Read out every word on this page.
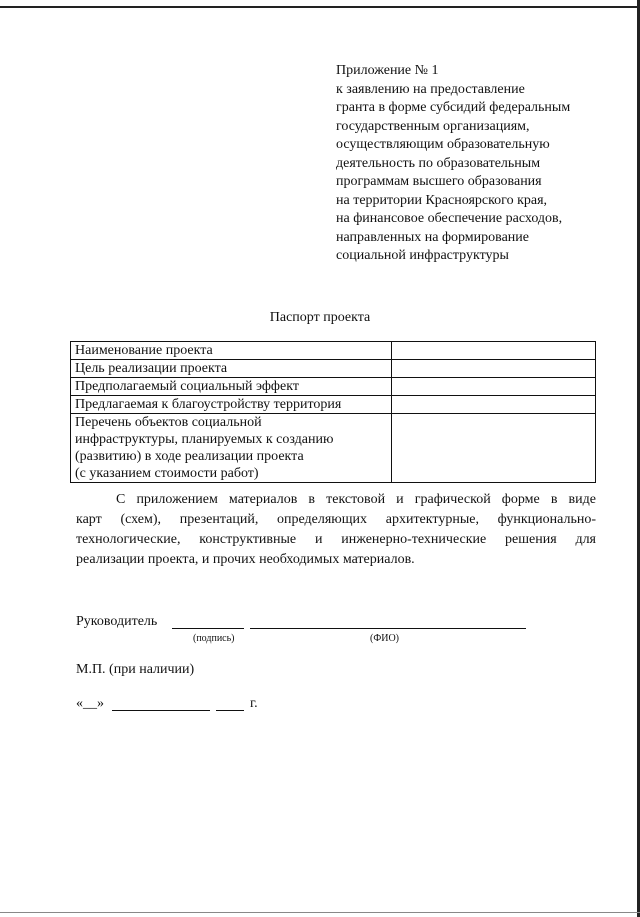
Приложение № 1
к заявлению на предоставление
гранта в форме субсидий федеральным
государственным организациям,
осуществляющим образовательную
деятельность по образовательным
программам высшего образования
на территории Красноярского края,
на финансовое обеспечение расходов,
направленных на формирование
социальной инфраструктуры
Паспорт проекта
Наименование проекта	

Цель реализации проекта	

Предполагаемый социальный эффект	

Предлагаемая к благоустройству территория	

Перечень объектов социальной
инфраструктуры, планируемых к созданию
(развитию) в ходе реализации проекта
(с указанием стоимости работ)	

С приложением материалов в текстовой и графической форме в виде
карт (схем), презентаций, определяющих архитектурные, функционально-
технологические, конструктивные и инженерно-технические решения для
реализации проекта, и прочих необходимых материалов.
Руководитель
(подпись)	(ФИО)
М.П. (при наличии)
«__»	г.
